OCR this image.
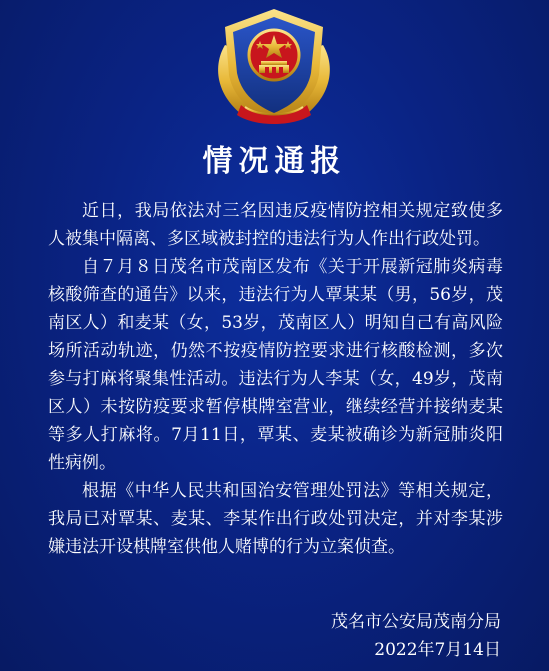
情况通报

近日，我局依法对三名因违反疫情防控相关规定致使多人被集中隔离、多区域被封控的违法行为人作出行政处罚。

自７月８日茂名市茂南区发布《关于开展新冠肺炎病毒核酸筛查的通告》以来，违法行为人覃某某（男，56岁，茂南区人）和麦某（女，53岁，茂南区人）明知自己有高风险场所活动轨迹，仍然不按疫情防控要求进行核酸检测，多次参与打麻将聚集性活动。违法行为人李某（女，49岁，茂南区人）未按防疫要求暂停棋牌室营业，继续经营并接纳麦某等多人打麻将。7月11日，覃某、麦某被确诊为新冠肺炎阳性病例。

根据《中华人民共和国治安管理处罚法》等相关规定，我局已对覃某、麦某、李某作出行政处罚决定，并对李某涉嫌违法开设棋牌室供他人赌博的行为立案侦查。

茂名市公安局茂南分局
2022年7月14日
